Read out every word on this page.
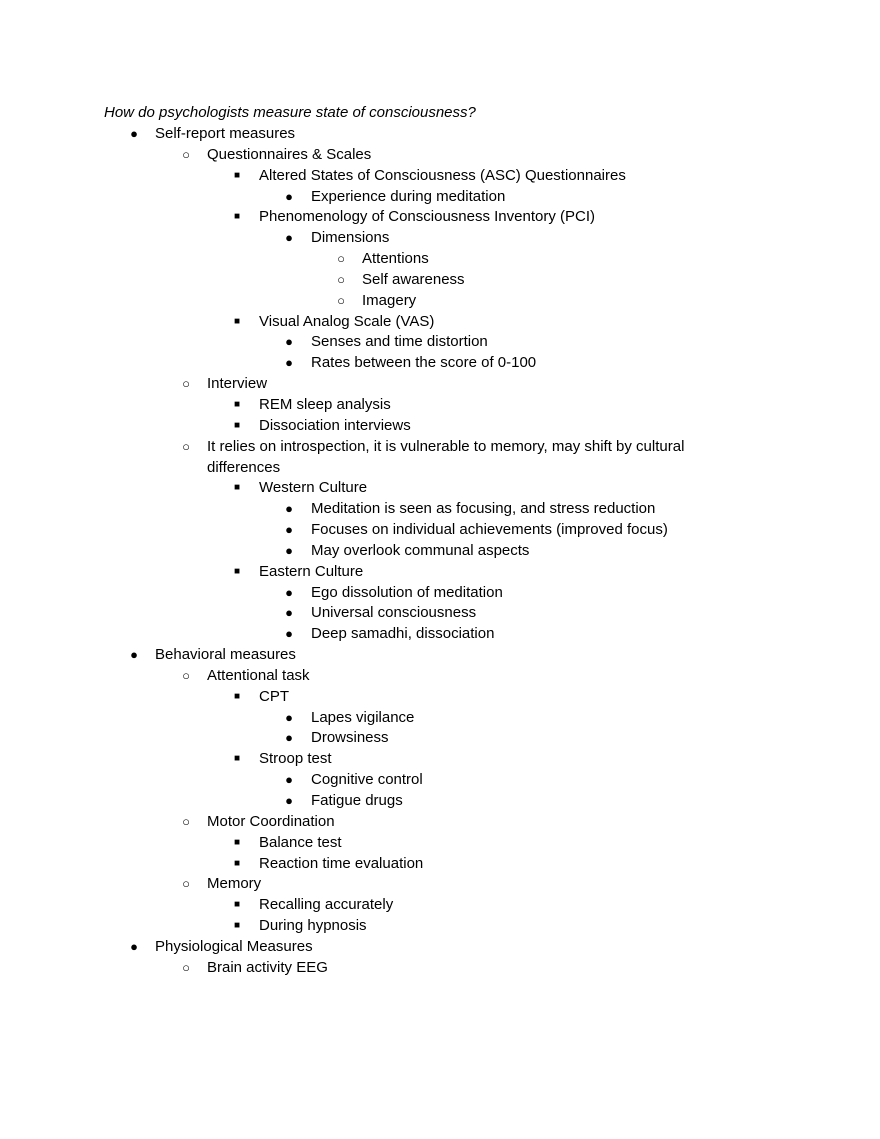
How do psychologists measure state of consciousness?
●	Self-report measures
○	Questionnaires & Scales
■	Altered States of Consciousness (ASC) Questionnaires
●	Experience during meditation
■	Phenomenology of Consciousness Inventory (PCI)
●	Dimensions
○	Attentions
○	Self awareness
○	Imagery
■	Visual Analog Scale (VAS)
●	Senses and time distortion
●	Rates between the score of 0-100
○	Interview
■	REM sleep analysis
■	Dissociation interviews
○	It relies on introspection, it is vulnerable to memory, may shift by cultural differences
■	Western Culture
●	Meditation is seen as focusing, and stress reduction
●	Focuses on individual achievements (improved focus)
●	May overlook communal aspects
■	Eastern Culture
●	Ego dissolution of meditation
●	Universal consciousness
●	Deep samadhi, dissociation
●	Behavioral measures
○	Attentional task
■	CPT
●	Lapes vigilance
●	Drowsiness
■	Stroop test
●	Cognitive control
●	Fatigue drugs
○	Motor Coordination
■	Balance test
■	Reaction time evaluation
○	Memory
■	Recalling accurately
■	During hypnosis
●	Physiological Measures
○	Brain activity EEG
